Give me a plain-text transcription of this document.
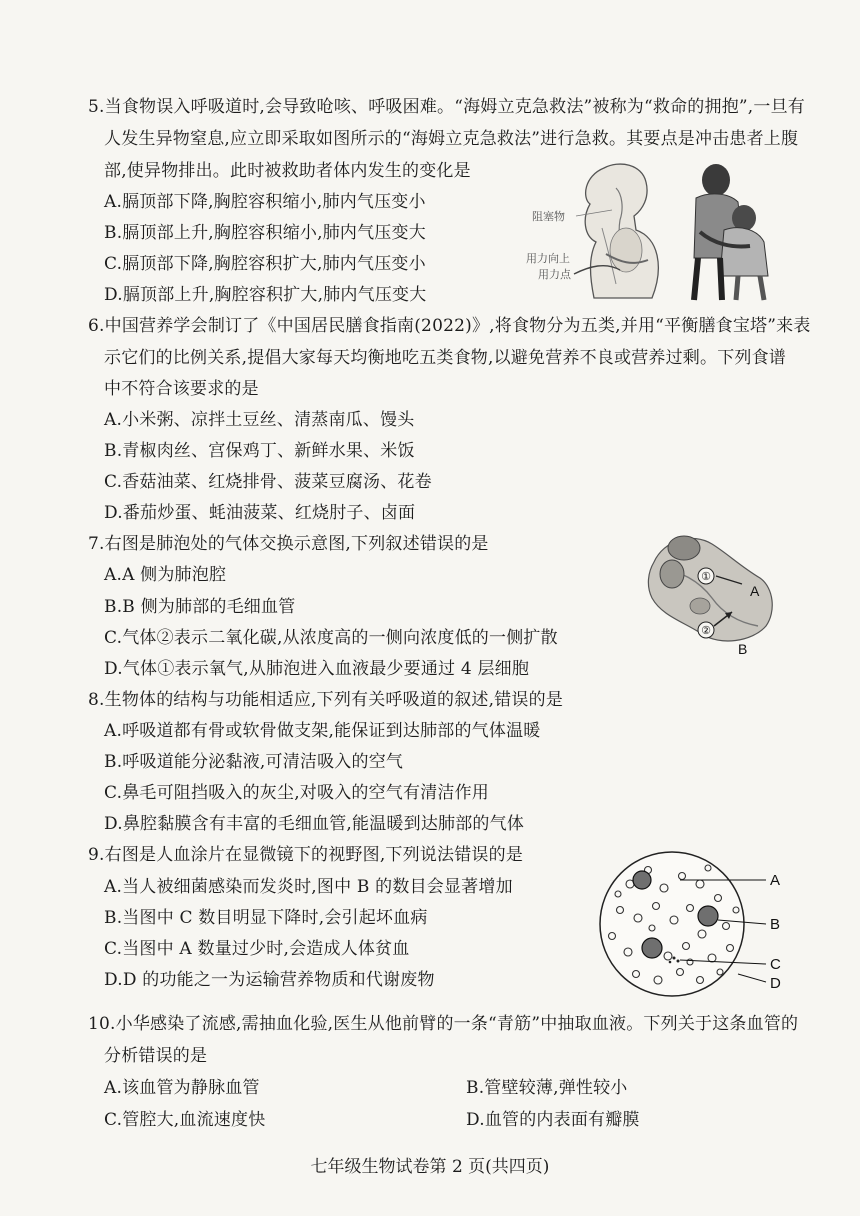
5.当食物误入呼吸道时,会导致呛咳、呼吸困难。“海姆立克急救法”被称为“救命的拥抱”,一旦有
人发生异物窒息,应立即采取如图所示的“海姆立克急救法”进行急救。其要点是冲击患者上腹
部,使异物排出。此时被救助者体内发生的变化是
A.膈顶部下降,胸腔容积缩小,肺内气压变小
B.膈顶部上升,胸腔容积缩小,肺内气压变大
C.膈顶部下降,胸腔容积扩大,肺内气压变小
D.膈顶部上升,胸腔容积扩大,肺内气压变大
阻塞物
用力向上
用力点
6.中国营养学会制订了《中国居民膳食指南(2022)》,将食物分为五类,并用“平衡膳食宝塔”来表
示它们的比例关系,提倡大家每天均衡地吃五类食物,以避免营养不良或营养过剩。下列食谱
中不符合该要求的是
A.小米粥、凉拌土豆丝、清蒸南瓜、馒头
B.青椒肉丝、宫保鸡丁、新鲜水果、米饭
C.香菇油菜、红烧排骨、菠菜豆腐汤、花卷
D.番茄炒蛋、蚝油菠菜、红烧肘子、卤面
7.右图是肺泡处的气体交换示意图,下列叙述错误的是
A.A 侧为肺泡腔
B.B 侧为肺部的毛细血管
C.气体②表示二氧化碳,从浓度高的一侧向浓度低的一侧扩散
D.气体①表示氧气,从肺泡进入血液最少要通过 4 层细胞
①
②
A
B
8.生物体的结构与功能相适应,下列有关呼吸道的叙述,错误的是
A.呼吸道都有骨或软骨做支架,能保证到达肺部的气体温暖
B.呼吸道能分泌黏液,可清洁吸入的空气
C.鼻毛可阻挡吸入的灰尘,对吸入的空气有清洁作用
D.鼻腔黏膜含有丰富的毛细血管,能温暖到达肺部的气体
9.右图是人血涂片在显微镜下的视野图,下列说法错误的是
A.当人被细菌感染而发炎时,图中 B 的数目会显著增加
B.当图中 C 数目明显下降时,会引起坏血病
C.当图中 A 数量过少时,会造成人体贫血
D.D 的功能之一为运输营养物质和代谢废物
A
B
C
D
10.小华感染了流感,需抽血化验,医生从他前臂的一条“青筋”中抽取血液。下列关于这条血管的
分析错误的是
A.该血管为静脉血管	B.管壁较薄,弹性较小
C.管腔大,血流速度快	D.血管的内表面有瓣膜
七年级生物试卷第 2 页(共四页)
